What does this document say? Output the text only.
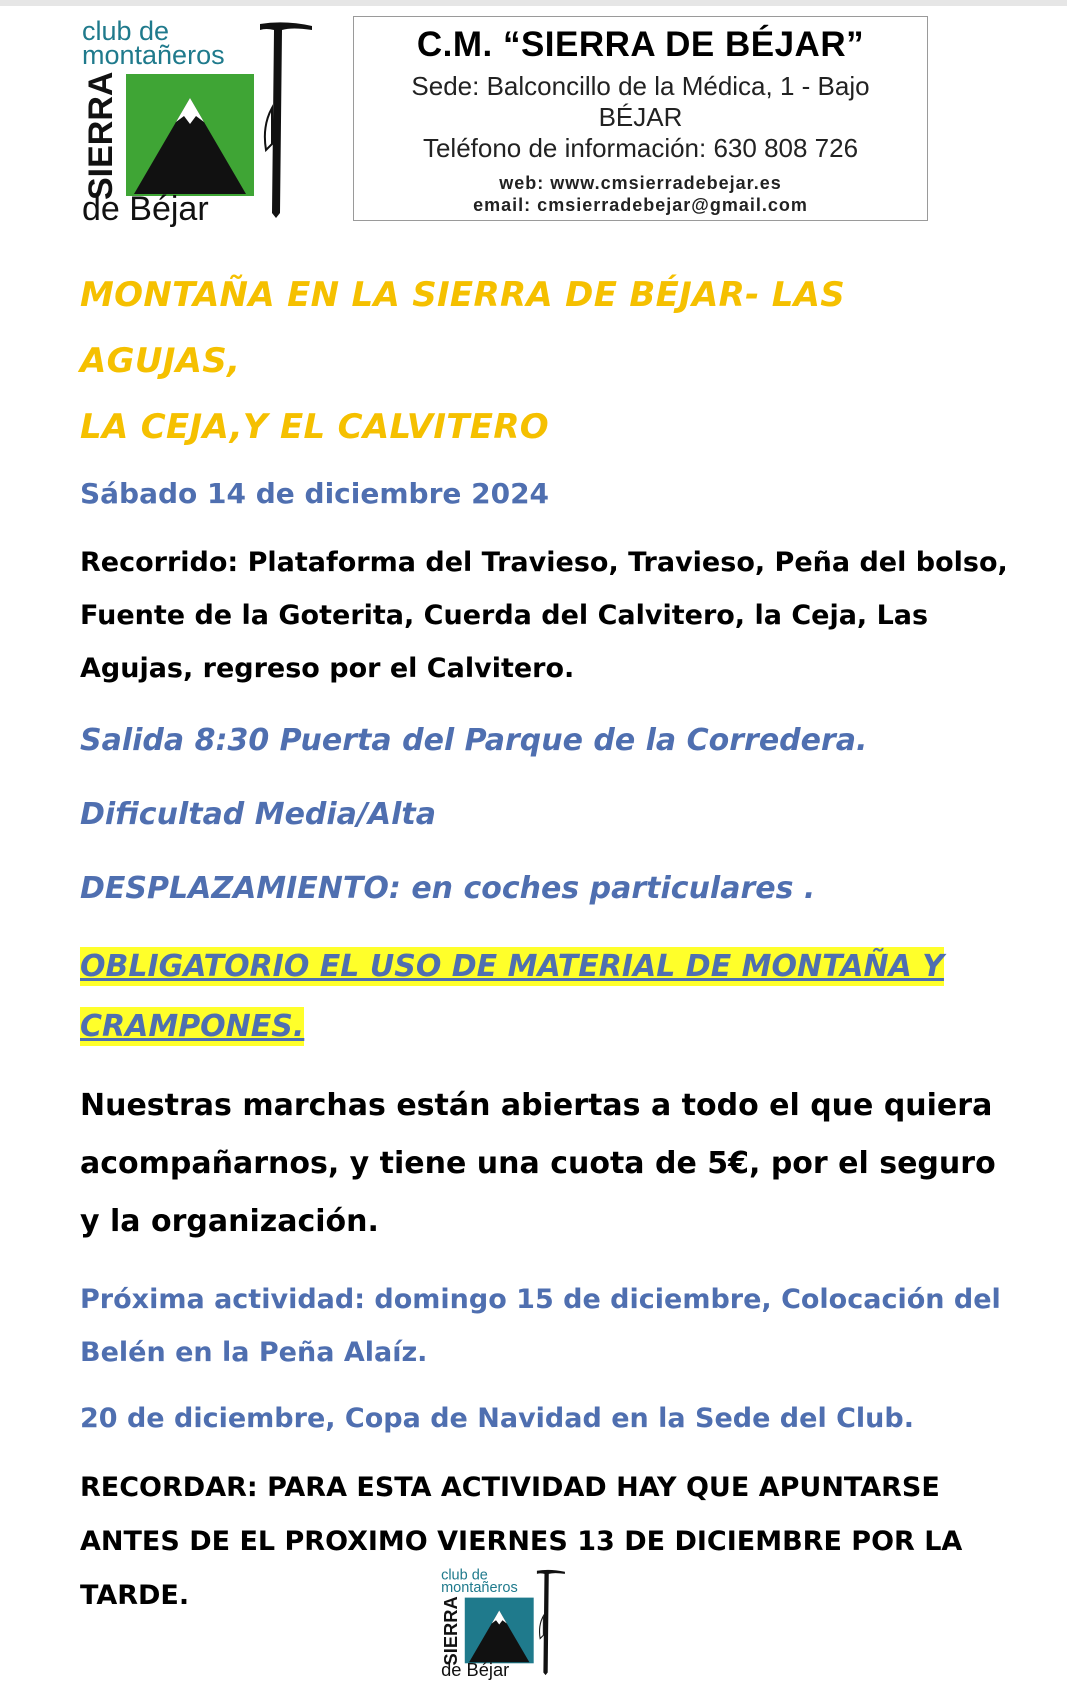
club de
montañeros
SIERRA
de Béjar
C.M. “SIERRA DE BÉJAR”
Sede: Balconcillo de la Médica, 1 - Bajo
BÉJAR
Teléfono de información: 630 808 726
web: www.cmsierradebejar.es
email: cmsierradebejar@gmail.com

MONTAÑA EN LA SIERRA DE BÉJAR- LAS AGUJAS,
LA CEJA,Y EL CALVITERO

Sábado 14 de diciembre 2024
Recorrido: Plataforma del Travieso, Travieso, Peña del bolso, Fuente de la Goterita, Cuerda del Calvitero, la Ceja, Las Agujas, regreso por el Calvitero.
Salida 8:30 Puerta del Parque de la Corredera.
Dificultad Media/Alta
DESPLAZAMIENTO: en coches particulares .
OBLIGATORIO EL USO DE MATERIAL DE MONTAÑA Y CRAMPONES.
Nuestras marchas están abiertas a todo el que quiera acompañarnos, y tiene una cuota de 5€, por el seguro y la organización.
Próxima actividad: domingo 15 de diciembre, Colocación del Belén en la Peña Alaíz.
20 de diciembre, Copa de Navidad en la Sede del Club.
RECORDAR: PARA ESTA ACTIVIDAD HAY QUE APUNTARSE ANTES DE EL PROXIMO VIERNES 13 DE DICIEMBRE POR LA TARDE.
club de
montañeros
SIERRA
de Béjar
